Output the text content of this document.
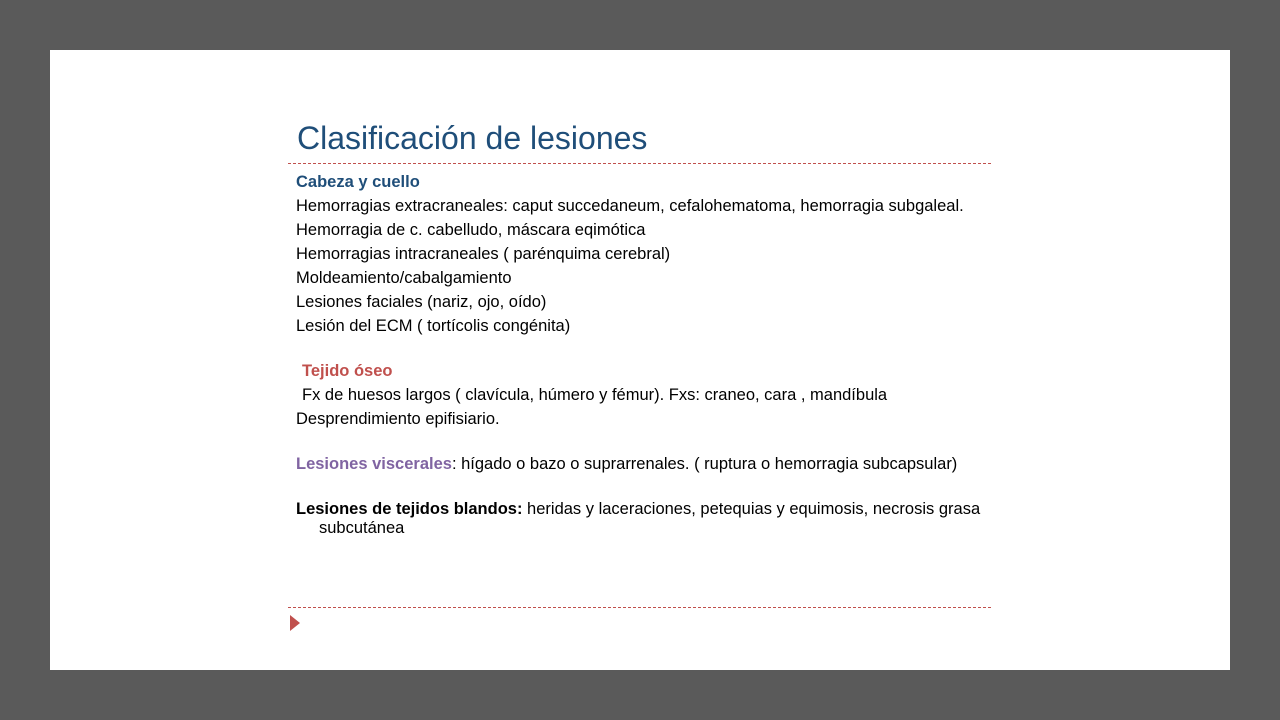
Clasificación de lesiones
Cabeza y cuello
Hemorragias extracraneales: caput succedaneum, cefalohematoma, hemorragia subgaleal.
Hemorragia de c. cabelludo, máscara eqimótica
Hemorragias intracraneales ( parénquima cerebral)
Moldeamiento/cabalgamiento
Lesiones faciales (nariz, ojo, oído)
Lesión del ECM ( tortícolis congénita)
Tejido óseo
Fx de huesos largos ( clavícula, húmero y fémur). Fxs: craneo, cara , mandíbula
Desprendimiento epifisiario.
Lesiones viscerales: hígado o bazo o suprarrenales. ( ruptura o hemorragia subcapsular)
Lesiones de tejidos blandos: heridas y laceraciones, petequias y equimosis, necrosis grasa subcutánea
